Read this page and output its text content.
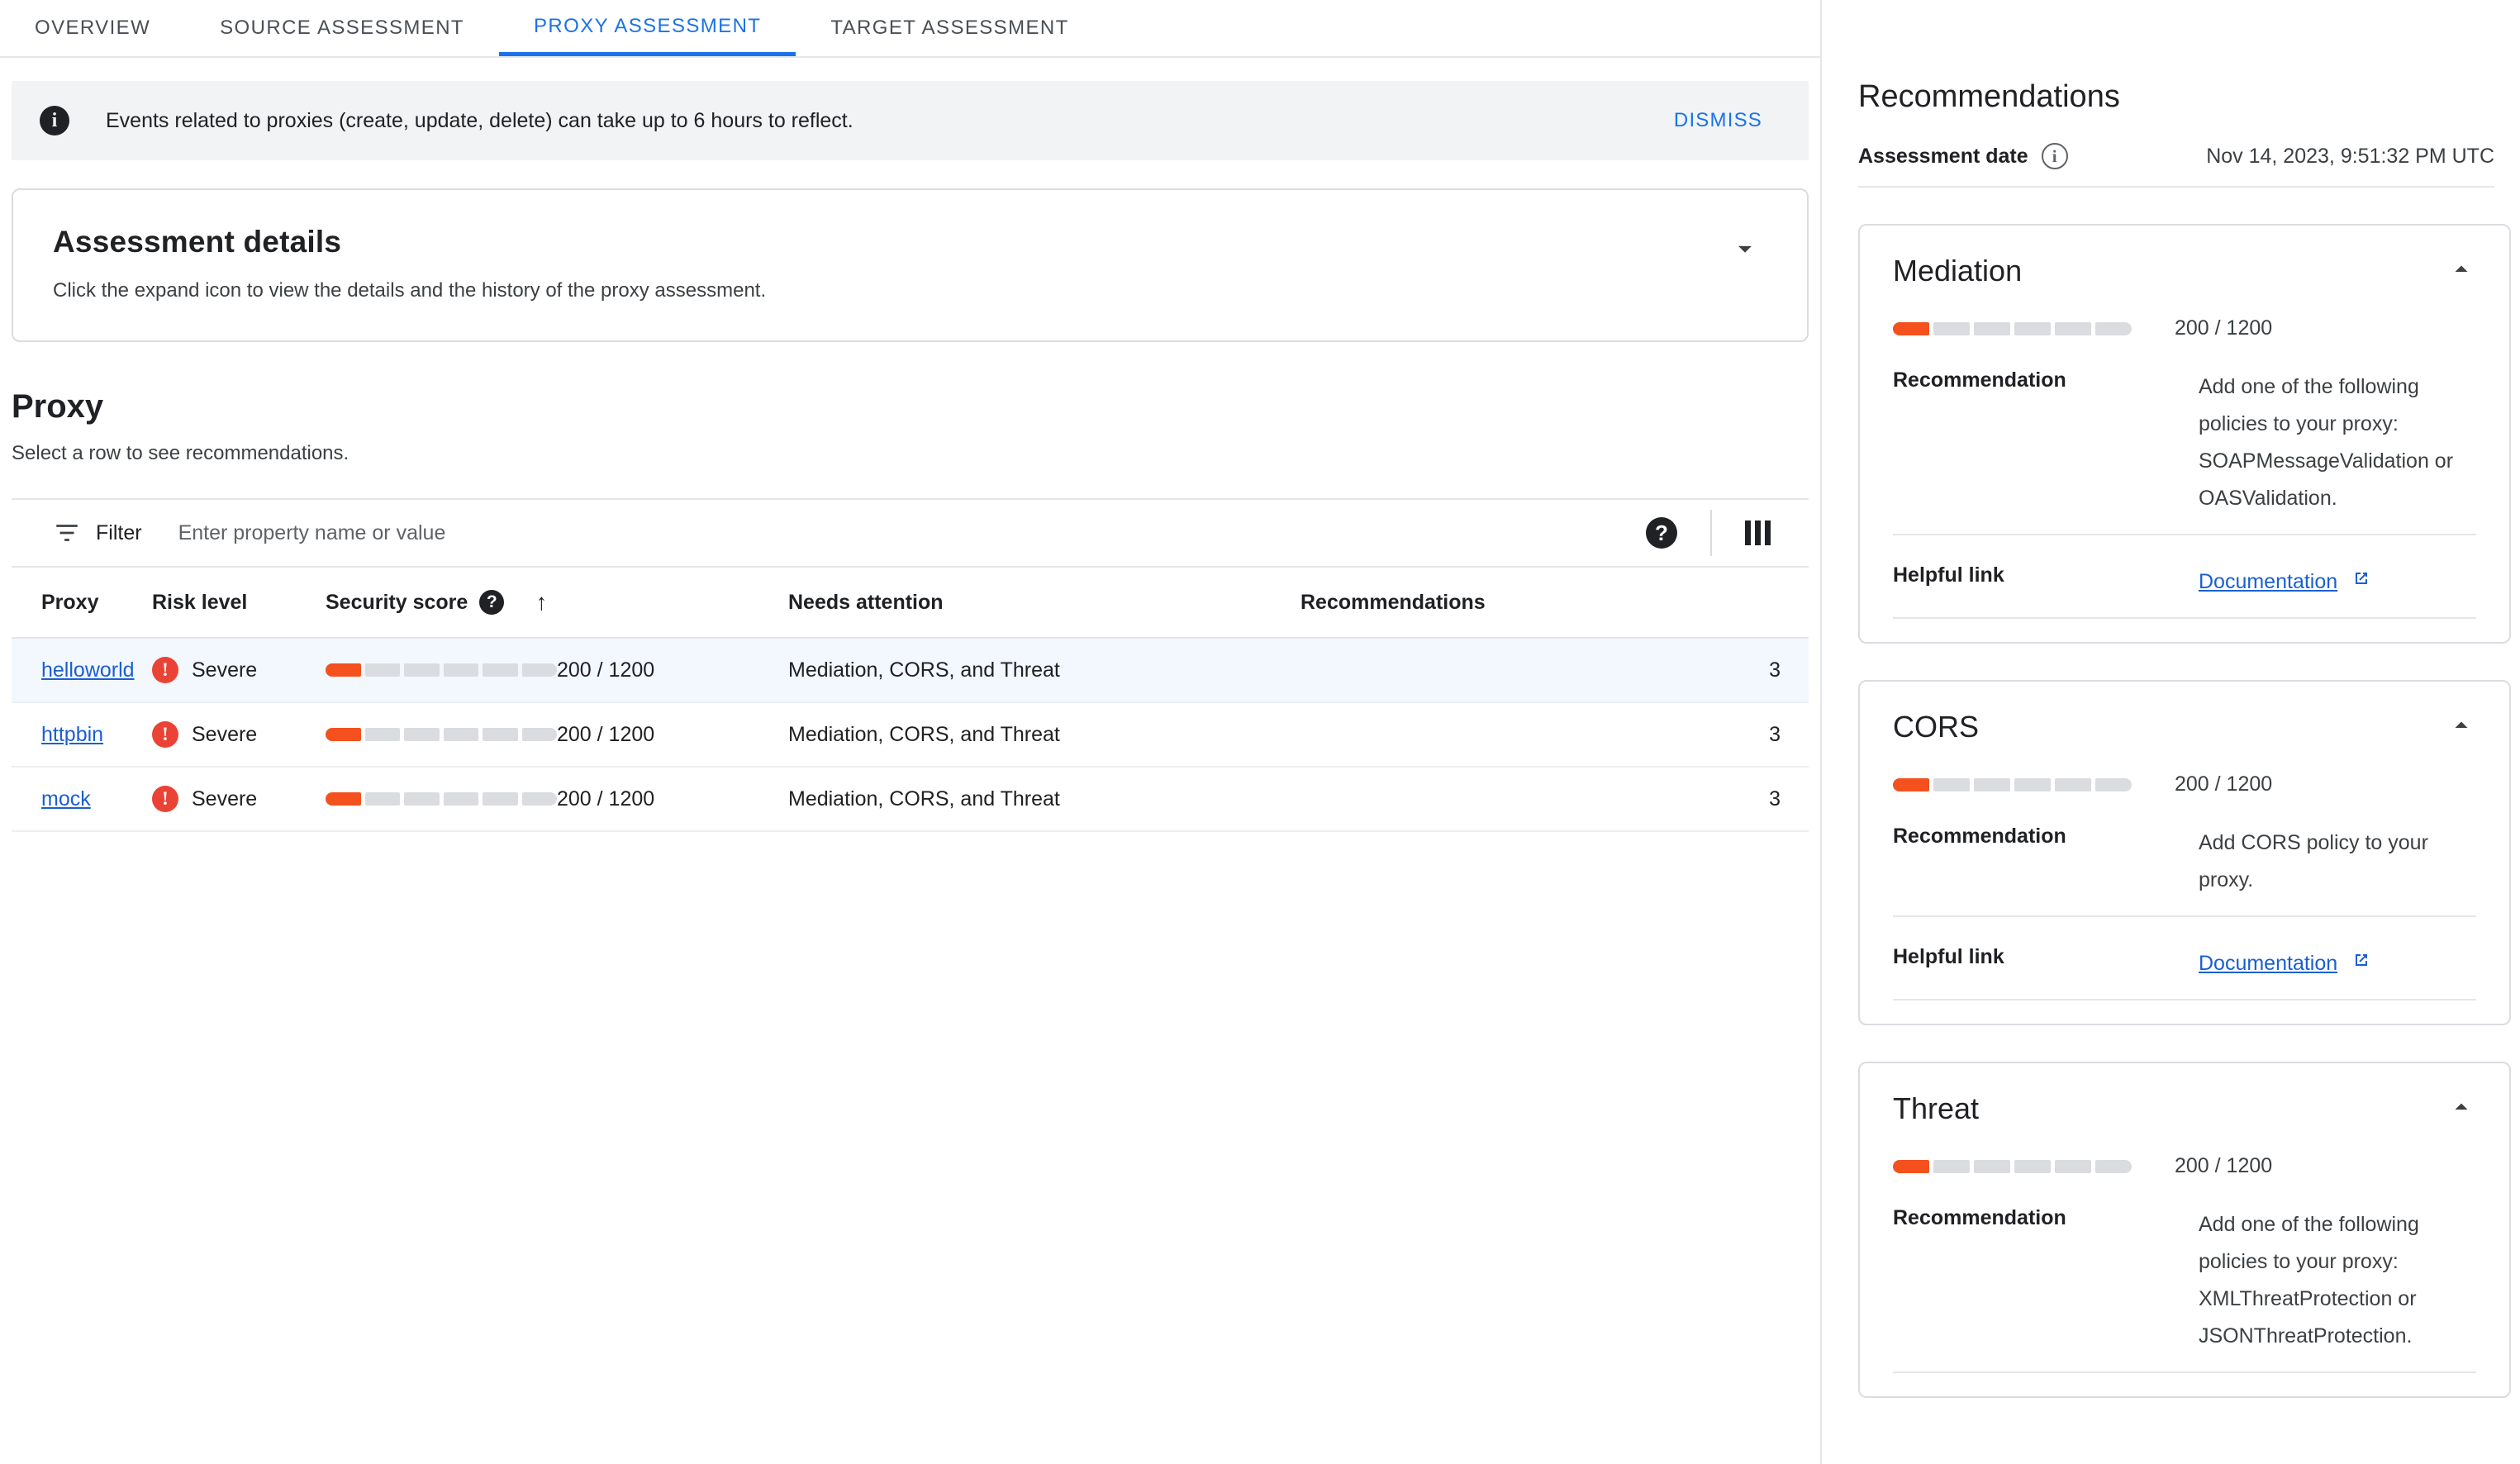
OVERVIEW	SOURCE ASSESSMENT	PROXY ASSESSMENT	TARGET ASSESSMENT
i	Events related to proxies (create, update, delete) can take up to 6 hours to reflect.	DISMISS
Assessment details

Click the expand icon to view the details and the history of the proxy assessment.

Proxy
Select a row to see recommendations.
Filter
Enter property name or value	?
Proxy	Risk level	Security score ? ↑		Needs attention	Recommendations
helloworld	! Severe		200 / 1200	Mediation, CORS, and Threat	3
httpbin	! Severe		200 / 1200	Mediation, CORS, and Threat	3
mock	! Severe		200 / 1200	Mediation, CORS, and Threat	3
Recommendations
Assessment date	i	Nov 14, 2023, 9:51:32 PM UTC
Mediation
200 / 1200
Recommendation	Add one of the following policies to your proxy: SOAPMessageValidation or OASValidation.
Helpful link	Documentation
CORS
200 / 1200
Recommendation	Add CORS policy to your proxy.
Helpful link	Documentation
Threat
200 / 1200
Recommendation	Add one of the following policies to your proxy: XMLThreatProtection or JSONThreatProtection.
